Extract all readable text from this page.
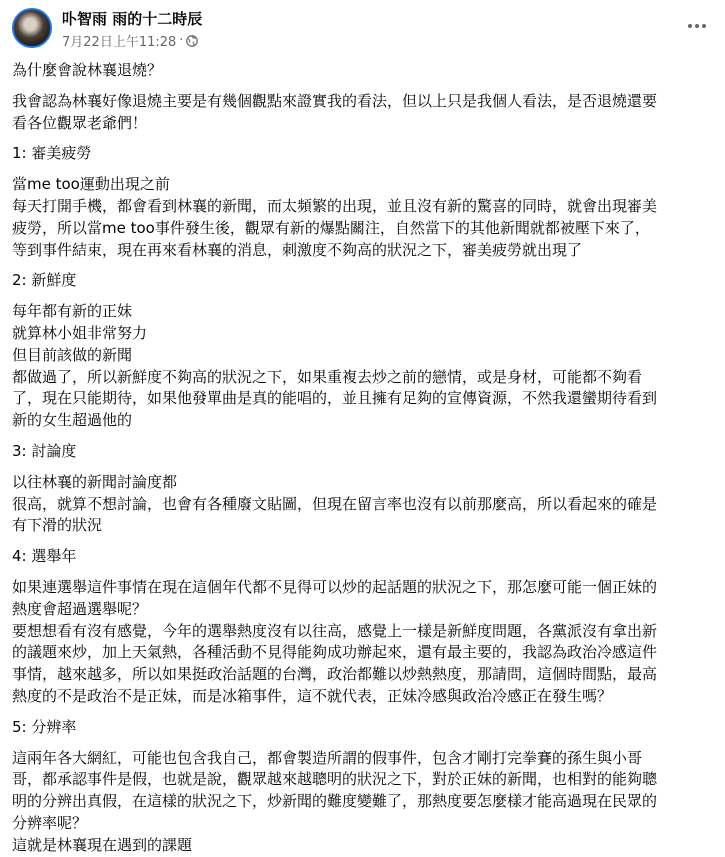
卟智雨 雨的十二時辰
7月22日上午11:28 ·

為什麼會說林襄退燒？

我會認為林襄好像退燒主要是有幾個觀點來證實我的看法，但以上只是我個人看法，是否退燒還要
看各位觀眾老爺們！

1: 審美疲勞

當me too運動出現之前
每天打開手機，都會看到林襄的新聞，而太頻繁的出現，並且沒有新的驚喜的同時，就會出現審美
疲勞，所以當me too事件發生後，觀眾有新的爆點關注，自然當下的其他新聞就都被壓下來了，
等到事件結束，現在再來看林襄的消息，刺激度不夠高的狀況之下，審美疲勞就出現了

2: 新鮮度

每年都有新的正妹
就算林小姐非常努力
但目前該做的新聞
都做過了，所以新鮮度不夠高的狀況之下，如果重複去炒之前的戀情，或是身材，可能都不夠看
了，現在只能期待，如果他發單曲是真的能唱的，並且擁有足夠的宣傳資源，不然我還蠻期待看到
新的女生超過他的

3: 討論度

以往林襄的新聞討論度都
很高，就算不想討論，也會有各種廢文貼圖，但現在留言率也沒有以前那麼高，所以看起來的確是
有下滑的狀況

4: 選舉年

如果連選舉這件事情在現在這個年代都不見得可以炒的起話題的狀況之下，那怎麼可能一個正妹的
熱度會超過選舉呢？
要想想看有沒有感覺，今年的選舉熱度沒有以往高，感覺上一樣是新鮮度問題，各黨派沒有拿出新
的議題來炒，加上天氣熱，各種活動不見得能夠成功辦起來，還有最主要的，我認為政治冷感這件
事情，越來越多，所以如果挺政治話題的台灣，政治都難以炒熱熱度，那請問，這個時間點，最高
熱度的不是政治不是正妹，而是冰箱事件，這不就代表，正妹冷感與政治冷感正在發生嗎？

5: 分辨率

這兩年各大網紅，可能也包含我自己，都會製造所謂的假事件，包含才剛打完拳賽的孫生與小哥
哥，都承認事件是假，也就是說，觀眾越來越聰明的狀況之下，對於正妹的新聞，也相對的能夠聰
明的分辨出真假，在這樣的狀況之下，炒新聞的難度變難了，那熱度要怎麼樣才能高過現在民眾的
分辨率呢？
這就是林襄現在遇到的課題
